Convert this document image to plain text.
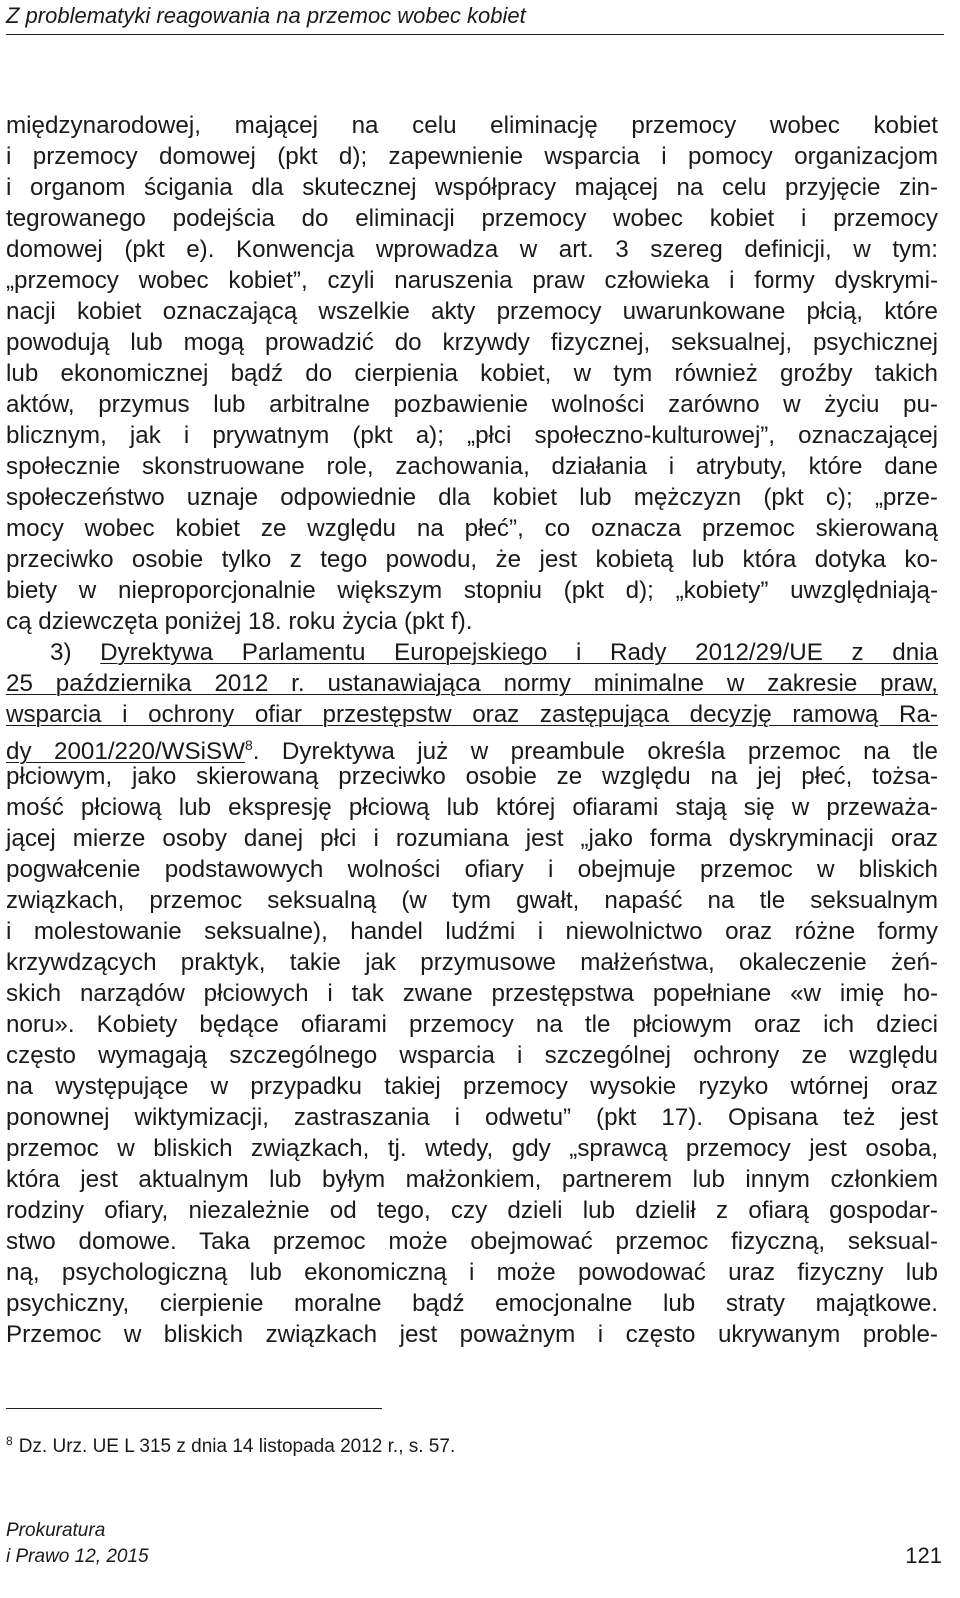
Z problematyki reagowania na przemoc wobec kobiet
międzynarodowej, mającej na celu eliminację przemocy wobec kobiet
i przemocy domowej (pkt d); zapewnienie wsparcia i pomocy organizacjom
i organom ścigania dla skutecznej współpracy mającej na celu przyjęcie zin-
tegrowanego podejścia do eliminacji przemocy wobec kobiet i przemocy
domowej (pkt e). Konwencja wprowadza w art. 3 szereg definicji, w tym:
„przemocy wobec kobiet”, czyli naruszenia praw człowieka i formy dyskrymi-
nacji kobiet oznaczającą wszelkie akty przemocy uwarunkowane płcią, które
powodują lub mogą prowadzić do krzywdy fizycznej, seksualnej, psychicznej
lub ekonomicznej bądź do cierpienia kobiet, w tym również groźby takich
aktów, przymus lub arbitralne pozbawienie wolności zarówno w życiu pu-
blicznym, jak i prywatnym (pkt a); „płci społeczno-kulturowej”, oznaczającej
społecznie skonstruowane role, zachowania, działania i atrybuty, które dane
społeczeństwo uznaje odpowiednie dla kobiet lub mężczyzn (pkt c); „prze-
mocy wobec kobiet ze względu na płeć”, co oznacza przemoc skierowaną
przeciwko osobie tylko z tego powodu, że jest kobietą lub która dotyka ko-
biety w nieproporcjonalnie większym stopniu (pkt d); „kobiety” uwzględniają-
cą dziewczęta poniżej 18. roku życia (pkt f).
3) Dyrektywa Parlamentu Europejskiego i Rady 2012/29/UE z dnia
25 października 2012 r. ustanawiająca normy minimalne w zakresie praw,
wsparcia i ochrony ofiar przestępstw oraz zastępująca decyzję ramową Ra-
dy 2001/220/WSiSW$^8$. Dyrektywa już w preambule określa przemoc na tle
płciowym, jako skierowaną przeciwko osobie ze względu na jej płeć, tożsa-
mość płciową lub ekspresję płciową lub której ofiarami stają się w przeważa-
jącej mierze osoby danej płci i rozumiana jest „jako forma dyskryminacji oraz
pogwałcenie podstawowych wolności ofiary i obejmuje przemoc w bliskich
związkach, przemoc seksualną (w tym gwałt, napaść na tle seksualnym
i molestowanie seksualne), handel ludźmi i niewolnictwo oraz różne formy
krzywdzących praktyk, takie jak przymusowe małżeństwa, okaleczenie żeń-
skich narządów płciowych i tak zwane przestępstwa popełniane «w imię ho-
noru». Kobiety będące ofiarami przemocy na tle płciowym oraz ich dzieci
często wymagają szczególnego wsparcia i szczególnej ochrony ze względu
na występujące w przypadku takiej przemocy wysokie ryzyko wtórnej oraz
ponownej wiktymizacji, zastraszania i odwetu” (pkt 17). Opisana też jest
przemoc w bliskich związkach, tj. wtedy, gdy „sprawcą przemocy jest osoba,
która jest aktualnym lub byłym małżonkiem, partnerem lub innym członkiem
rodziny ofiary, niezależnie od tego, czy dzieli lub dzielił z ofiarą gospodar-
stwo domowe. Taka przemoc może obejmować przemoc fizyczną, seksual-
ną, psychologiczną lub ekonomiczną i może powodować uraz fizyczny lub
psychiczny, cierpienie moralne bądź emocjonalne lub straty majątkowe.
Przemoc w bliskich związkach jest poważnym i często ukrywanym proble-
$^8$ Dz. Urz. UE L 315 z dnia 14 listopada 2012 r., s. 57.
Prokuratura
i Prawo 12, 2015	121
